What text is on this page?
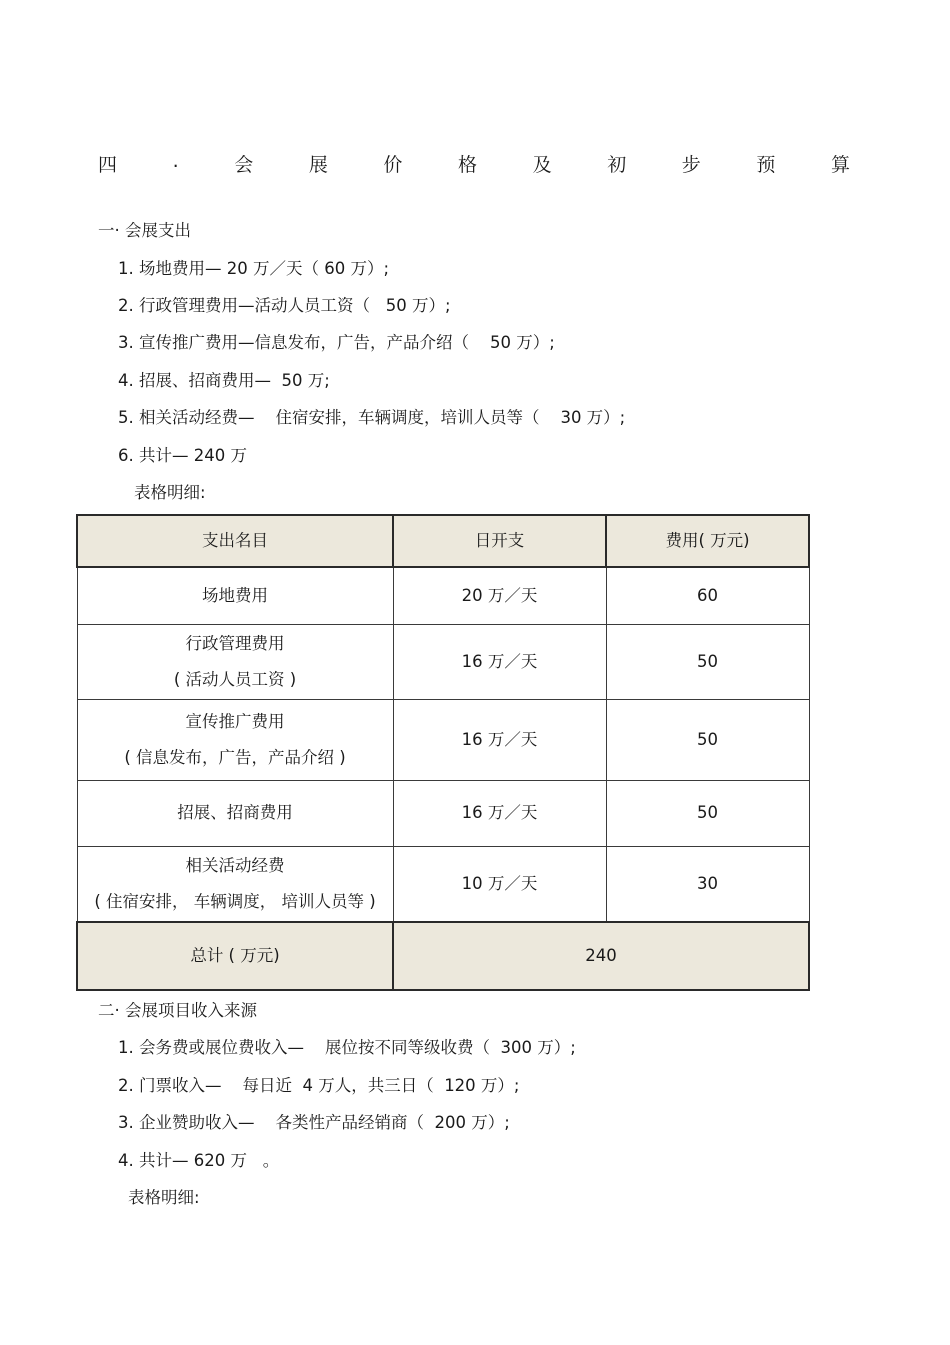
四	.	会	展	价	格	及	初	步	预	算
一· 会展支出
1. 场地费用— 20 万／天（ 60 万）;
2. 行政管理费用—活动人员工资（   50 万）;
3. 宣传推广费用—信息发布，广告，产品介绍（    50 万）;
4. 招展、招商费用—  50 万;
5. 相关活动经费—    住宿安排，车辆调度，培训人员等（    30 万）;
6. 共计— 240 万
表格明细:
支出名目	日开支	费用( 万元)

场地费用	20 万／天	60

行政管理费用
( 活动人员工资 )	16 万／天	50

宣传推广费用
( 信息发布，广告，产品介绍 )	16 万／天	50

招展、招商费用	16 万／天	50

相关活动经费
( 住宿安排， 车辆调度， 培训人员等 )	10 万／天	30
总计 ( 万元)	240	
二· 会展项目收入来源
1. 会务费或展位费收入—    展位按不同等级收费（  300 万）;
2. 门票收入—    每日近  4 万人，共三日（  120 万）;
3. 企业赞助收入—    各类性产品经销商（  200 万）;
4. 共计— 620 万   。
表格明细:
